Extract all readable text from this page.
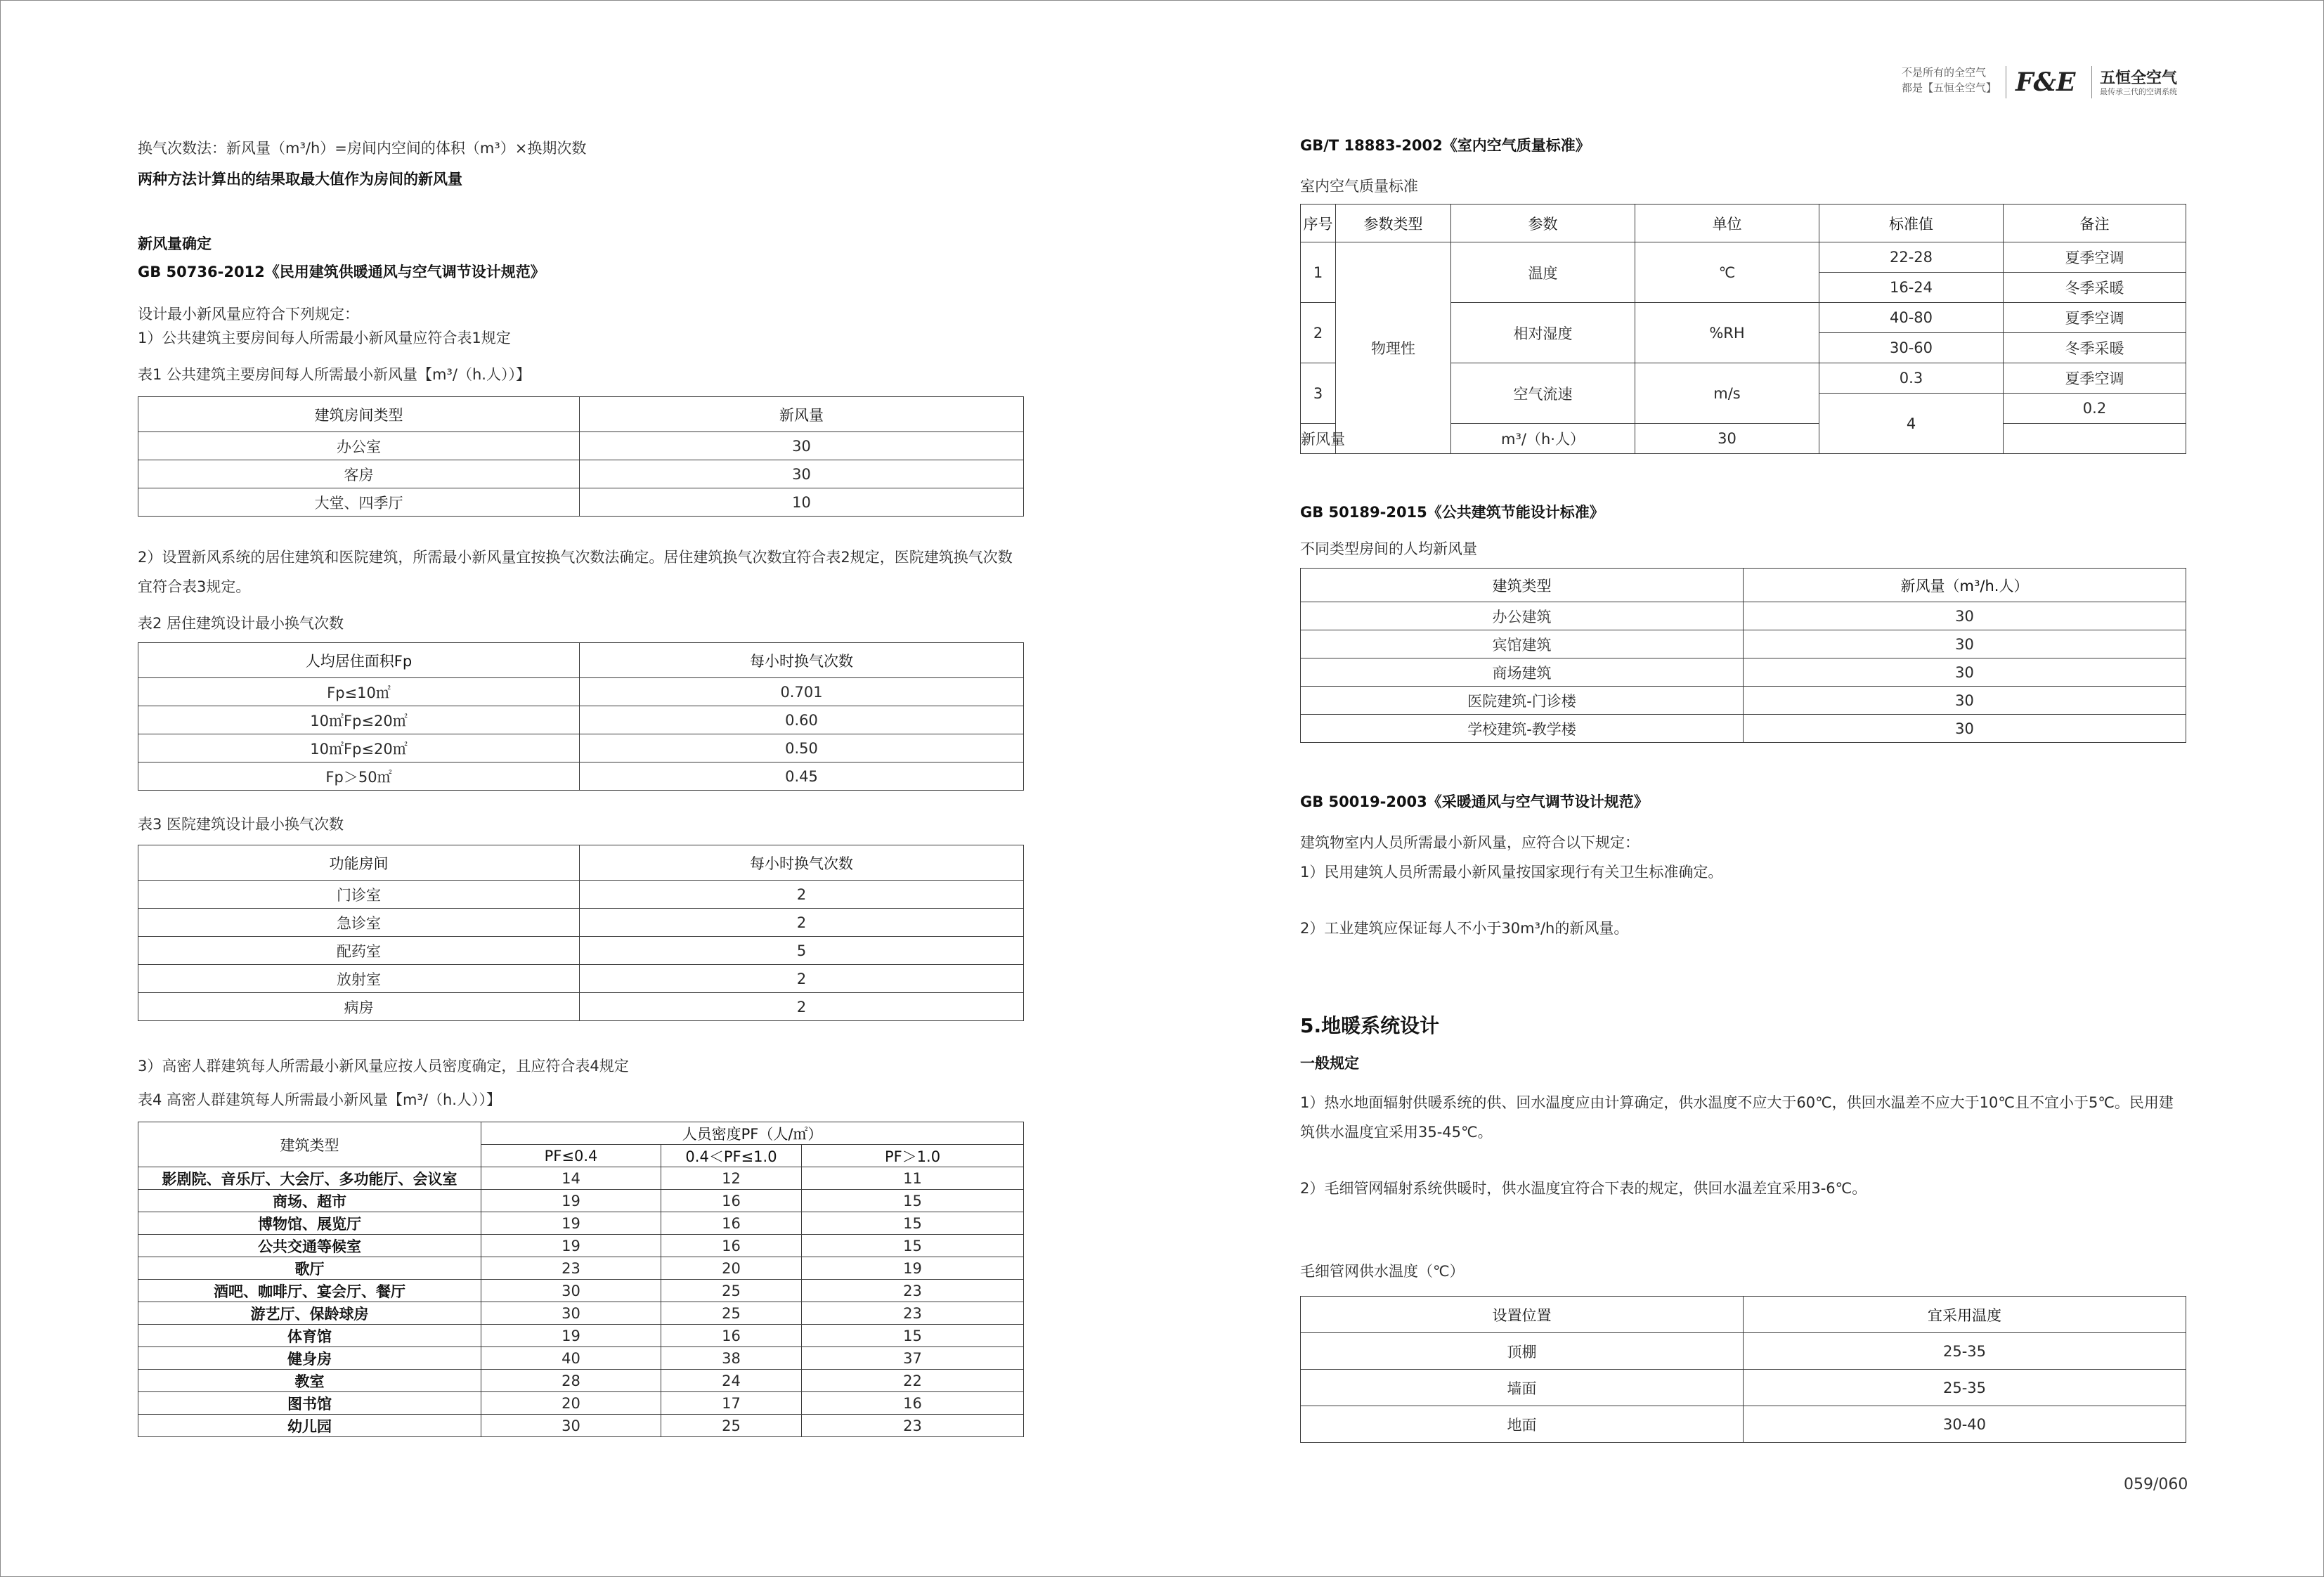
不是所有的全空气
都是【五恒全空气】 F&E 五恒全空气
最传承三代的空调系统
换气次数法：新风量（m³/h）=房间内空间的体积（m³）×换期次数
两种方法计算出的结果取最大值作为房间的新风量
新风量确定
GB 50736-2012《民用建筑供暖通风与空气调节设计规范》
设计最小新风量应符合下列规定：
1）公共建筑主要房间每人所需最小新风量应符合表1规定
表1 公共建筑主要房间每人所需最小新风量【m³/（h.人））】
建筑房间类型	新风量
办公室	30
客房	30
大堂、四季厅	10
2）设置新风系统的居住建筑和医院建筑，所需最小新风量宜按换气次数法确定。居住建筑换气次数宜符合表2规定，医院建筑换气次数宜符合表3规定。
表2 居住建筑设计最小换气次数
人均居住面积Fp	每小时换气次数
Fp≤10㎡	0.701
10㎡Fp≤20㎡	0.60
10㎡Fp≤20㎡	0.50
Fp＞50㎡	0.45
表3 医院建筑设计最小换气次数
功能房间	每小时换气次数
门诊室	2
急诊室	2
配药室	5
放射室	2
病房	2
3）高密人群建筑每人所需最小新风量应按人员密度确定，且应符合表4规定
表4 高密人群建筑每人所需最小新风量【m³/（h.人））】
建筑类型	人员密度PF（人/㎡）		
	PF≤0.4	0.4＜PF≤1.0	PF＞1.0
影剧院、音乐厅、大会厅、多功能厅、会议室	14	12	11
商场、超市	19	16	15
博物馆、展览厅	19	16	15
公共交通等候室	19	16	15
歌厅	23	20	19
酒吧、咖啡厅、宴会厅、餐厅	30	25	23
游艺厅、保龄球房	30	25	23
体育馆	19	16	15
健身房	40	38	37
教室	28	24	22
图书馆	20	17	16
幼儿园	30	25	23
GB/T 18883-2002《室内空气质量标准》
室内空气质量标准
序号	参数类型	参数	单位	标准值	备注	
1	物理性	温度	℃	22-28	夏季空调	
				16-24	冬季采暖	
2		相对湿度	%RH	40-80	夏季空调	
				30-60	冬季采暖	
3		空气流速	m/s	0.3	夏季空调	
				4	0.2	
新风量		m³/（h·人）	30			
GB 50189-2015《公共建筑节能设计标准》
不同类型房间的人均新风量
建筑类型	新风量（m³/h.人）
办公建筑	30
宾馆建筑	30
商场建筑	30
医院建筑-门诊楼	30
学校建筑-教学楼	30
GB 50019-2003《采暖通风与空气调节设计规范》
建筑物室内人员所需最小新风量，应符合以下规定：
1）民用建筑人员所需最小新风量按国家现行有关卫生标准确定。
2）工业建筑应保证每人不小于30m³/h的新风量。
5.地暖系统设计
一般规定
1）热水地面辐射供暖系统的供、回水温度应由计算确定，供水温度不应大于60℃，供回水温差不应大于10℃且不宜小于5℃。民用建筑供水温度宜采用35-45℃。
2）毛细管网辐射系统供暖时，供水温度宜符合下表的规定，供回水温差宜采用3-6℃。
毛细管网供水温度（℃）
设置位置	宜采用温度
顶棚	25-35
墙面	25-35
地面	30-40
059/060
